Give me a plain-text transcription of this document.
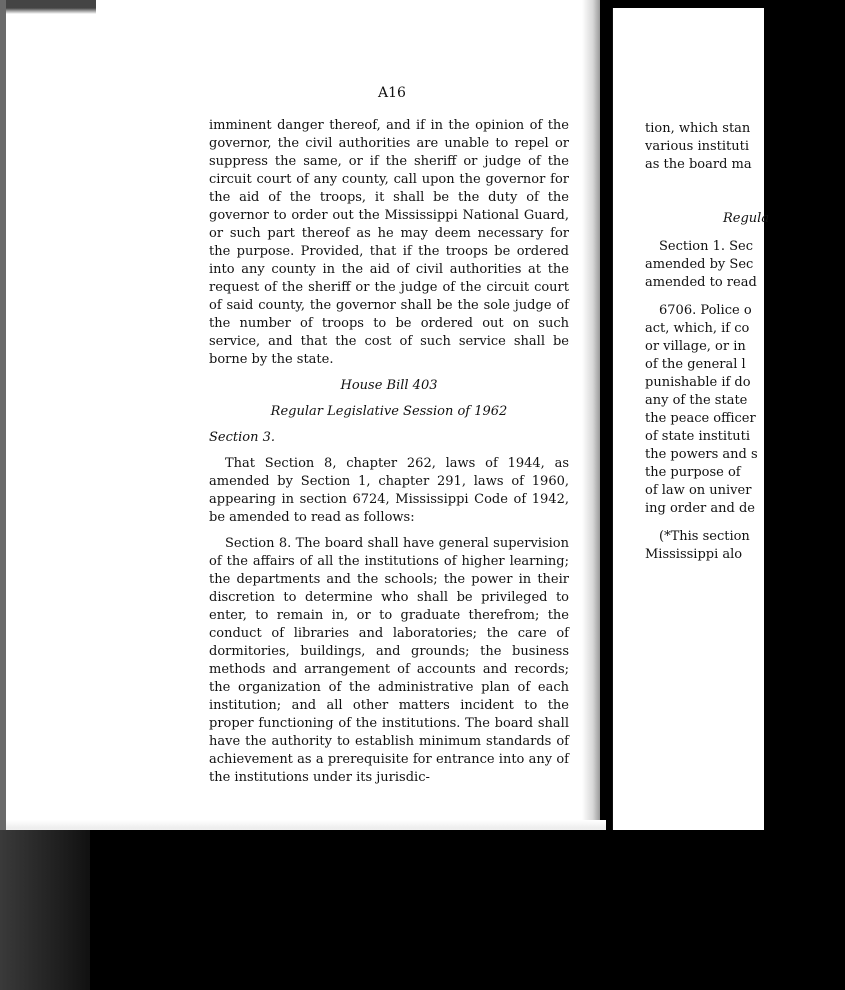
A16

imminent danger thereof, and if in the opinion of the governor, the civil authorities are unable to repel or suppress the same, or if the sheriff or judge of the circuit court of any county, call upon the governor for the aid of the troops, it shall be the duty of the governor to order out the Mississippi National Guard, or such part thereof as he may deem necessary for the purpose. Provided, that if the troops be ordered into any county in the aid of civil authorities at the request of the sheriff or the judge of the circuit court of said county, the governor shall be the sole judge of the number of troops to be ordered out on such service, and that the cost of such service shall be borne by the state.

House Bill 403

Regular Legislative Session of 1962

Section 3.

That Section 8, chapter 262, laws of 1944, as amended by Section 1, chapter 291, laws of 1960, appearing in section 6724, Mississippi Code of 1942, be amended to read as follows:

Section 8. The board shall have general supervision of the affairs of all the institutions of higher learning; the departments and the schools; the power in their discretion to determine who shall be privileged to enter, to remain in, or to graduate therefrom; the conduct of libraries and laboratories; the care of dormitories, buildings, and grounds; the business methods and arrangement of accounts and records; the organization of the administrative plan of each institution; and all other matters incident to the proper functioning of the institutions. The board shall have the authority to establish minimum standards of achievement as a prerequisite for entrance into any of the institutions under its jurisdic-

tion, which stan

various instituti

as the board ma

Regula

Section 1. Sec

amended by Sec

amended to read

6706. Police o

act, which, if co

or village, or in

of the general l

punishable if do

any of the state

the peace officer

of state instituti

the powers and s

the purpose of

of law on univer

ing order and de

(*This section

Mississippi alo
